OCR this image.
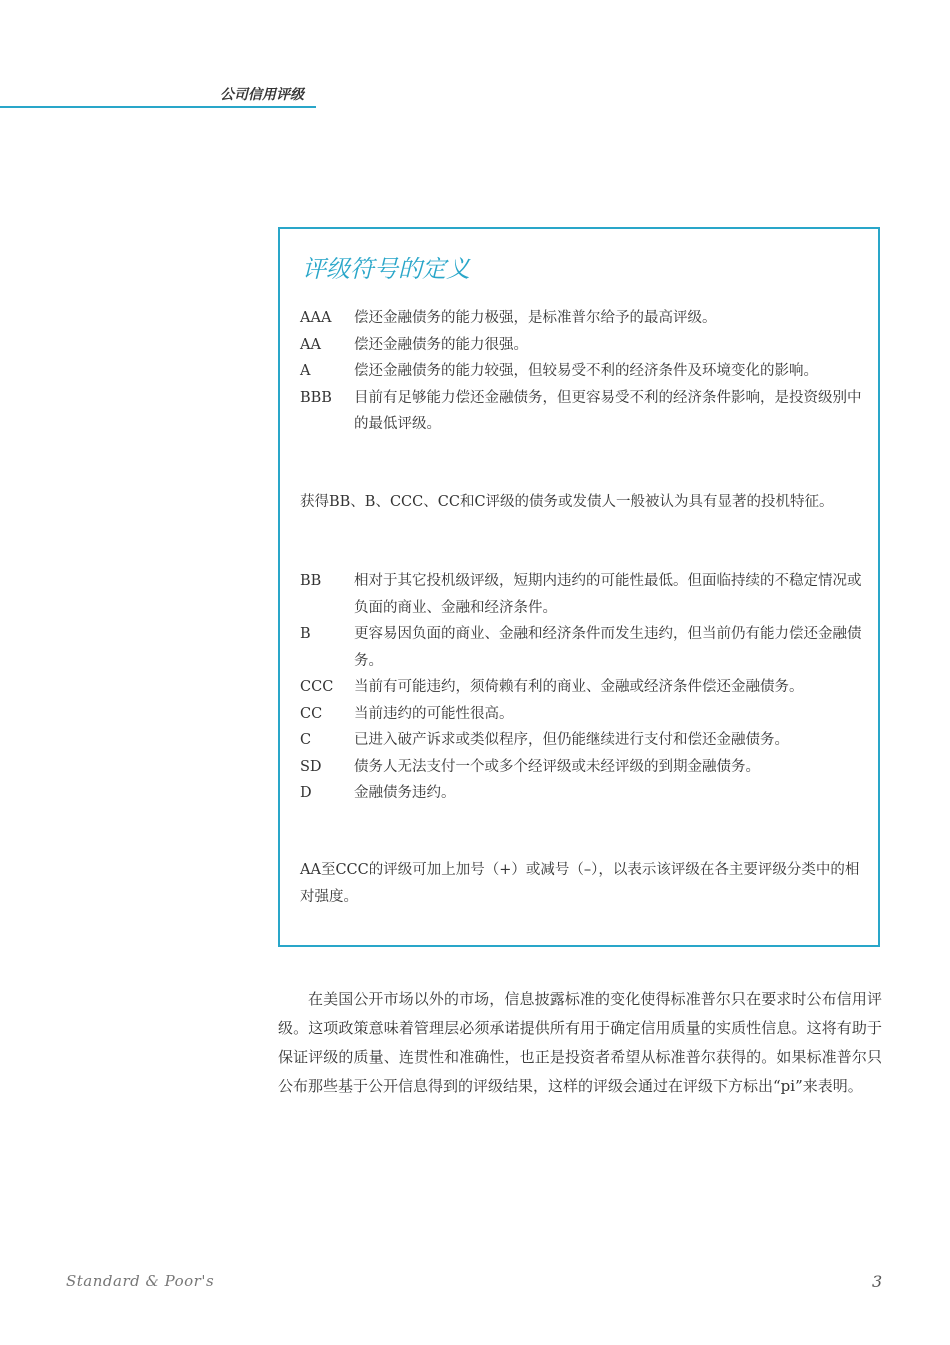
公司信用评级
评级符号的定义
AAA	偿还金融债务的能力极强，是标准普尔给予的最高评级。
AA	偿还金融债务的能力很强。
A	偿还金融债务的能力较强，但较易受不利的经济条件及环境变化的影响。
BBB	目前有足够能力偿还金融债务，但更容易受不利的经济条件影响，是投资级别中的最低评级。
获得BB、B、CCC、CC和C评级的债务或发债人一般被认为具有显著的投机特征。
BB	相对于其它投机级评级，短期内违约的可能性最低。但面临持续的不稳定情况或负面的商业、金融和经济条件。
B	更容易因负面的商业、金融和经济条件而发生违约，但当前仍有能力偿还金融债务。
CCC	当前有可能违约，须倚赖有利的商业、金融或经济条件偿还金融债务。
CC	当前违约的可能性很高。
C	已进入破产诉求或类似程序，但仍能继续进行支付和偿还金融债务。
SD	债务人无法支付一个或多个经评级或未经评级的到期金融债务。
D	金融债务违约。
AA至CCC的评级可加上加号（+）或减号（–），以表示该评级在各主要评级分类中的相对强度。
在美国公开市场以外的市场，信息披露标准的变化使得标准普尔只在要求时公布信用评级。这项政策意味着管理层必须承诺提供所有用于确定信用质量的实质性信息。这将有助于保证评级的质量、连贯性和准确性，也正是投资者希望从标准普尔获得的。如果标准普尔只公布那些基于公开信息得到的评级结果，这样的评级会通过在评级下方标出“pi”来表明。
Standard & Poor's	3
